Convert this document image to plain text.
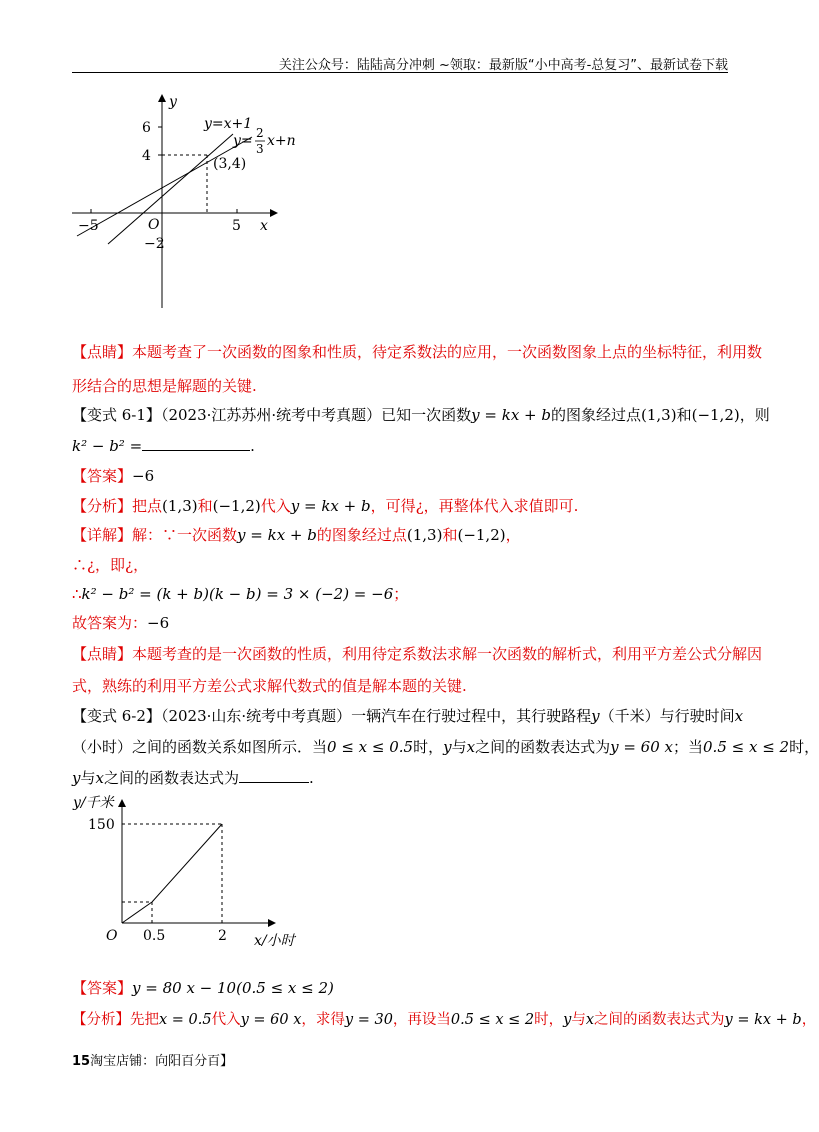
关注公众号：陆陆高分冲刺 ~领取：最新版“小中高考-总复习”、最新试卷下载
y
x
O
6
4
−2
−5	5
y=x+1
y= 2
3 x+n
(3,4)
【点睛】本题考查了一次函数的图象和性质，待定系数法的应用，一次函数图象上点的坐标特征，利用数
形结合的思想是解题的关键.
【变式 6-1】（2023·江苏苏州·统考中考真题）已知一次函数y = kx + b的图象经过点(1,3)和(−1,2)，则
k² − b² =	.
【答案】−6
【分析】把点(1,3)和(−1,2)代入y = kx + b，可得¿，再整体代入求值即可.
【详解】解：∵一次函数y = kx + b的图象经过点(1,3)和(−1,2)，
∴¿，即¿，
∴k² − b² = (k + b)(k − b) = 3 × (−2) = −6；
故答案为：−6
【点睛】本题考查的是一次函数的性质，利用待定系数法求解一次函数的解析式，利用平方差公式分解因
式，熟练的利用平方差公式求解代数式的值是解本题的关键.
【变式 6-2】（2023·山东·统考中考真题）一辆汽车在行驶过程中，其行驶路程y（千米）与行驶时间x
（小时）之间的函数关系如图所示．当0 ≤ x ≤ 0.5时，y与x之间的函数表达式为y = 60 x；当0.5 ≤ x ≤ 2时，
y与x之间的函数表达式为	.
y/千米
150
O 0.5	2 x/小时
【答案】y = 80 x − 10(0.5 ≤ x ≤ 2)
【分析】先把x = 0.5代入y = 60 x，求得y = 30，再设当0.5 ≤ x ≤ 2时，y与x之间的函数表达式为y = kx + b，
15淘宝店铺：向阳百分百】
